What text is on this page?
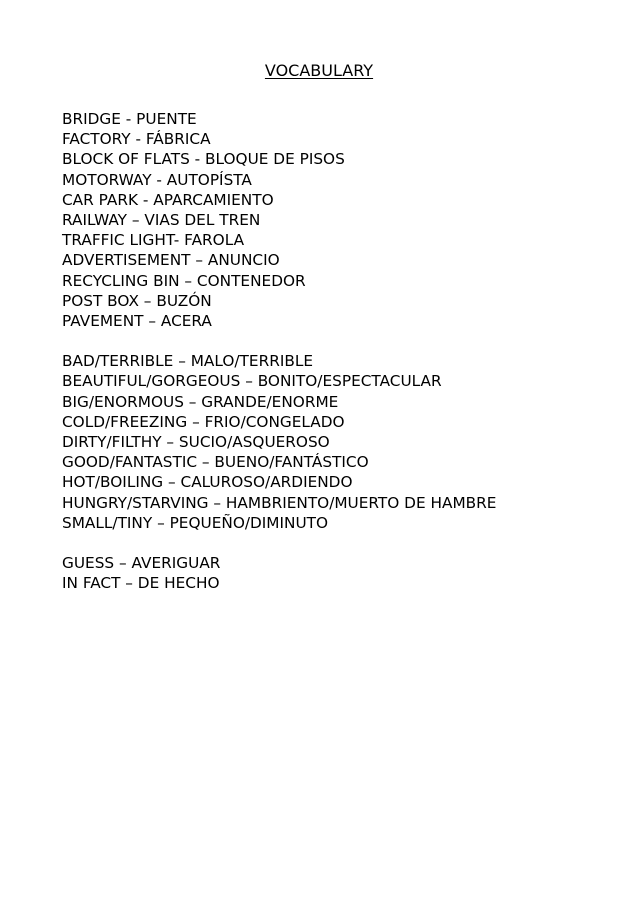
VOCABULARY
BRIDGE - PUENTE
FACTORY - FÁBRICA
BLOCK OF FLATS - BLOQUE DE PISOS
MOTORWAY - AUTOPÍSTA
CAR PARK - APARCAMIENTO
RAILWAY – VIAS DEL TREN
TRAFFIC LIGHT- FAROLA
ADVERTISEMENT – ANUNCIO
RECYCLING BIN – CONTENEDOR
POST BOX – BUZÓN
PAVEMENT – ACERA
BAD/TERRIBLE – MALO/TERRIBLE
BEAUTIFUL/GORGEOUS – BONITO/ESPECTACULAR
BIG/ENORMOUS – GRANDE/ENORME
COLD/FREEZING – FRIO/CONGELADO
DIRTY/FILTHY – SUCIO/ASQUEROSO
GOOD/FANTASTIC – BUENO/FANTÁSTICO
HOT/BOILING – CALUROSO/ARDIENDO
HUNGRY/STARVING – HAMBRIENTO/MUERTO DE HAMBRE
SMALL/TINY – PEQUEÑO/DIMINUTO
GUESS – AVERIGUAR
IN FACT – DE HECHO
